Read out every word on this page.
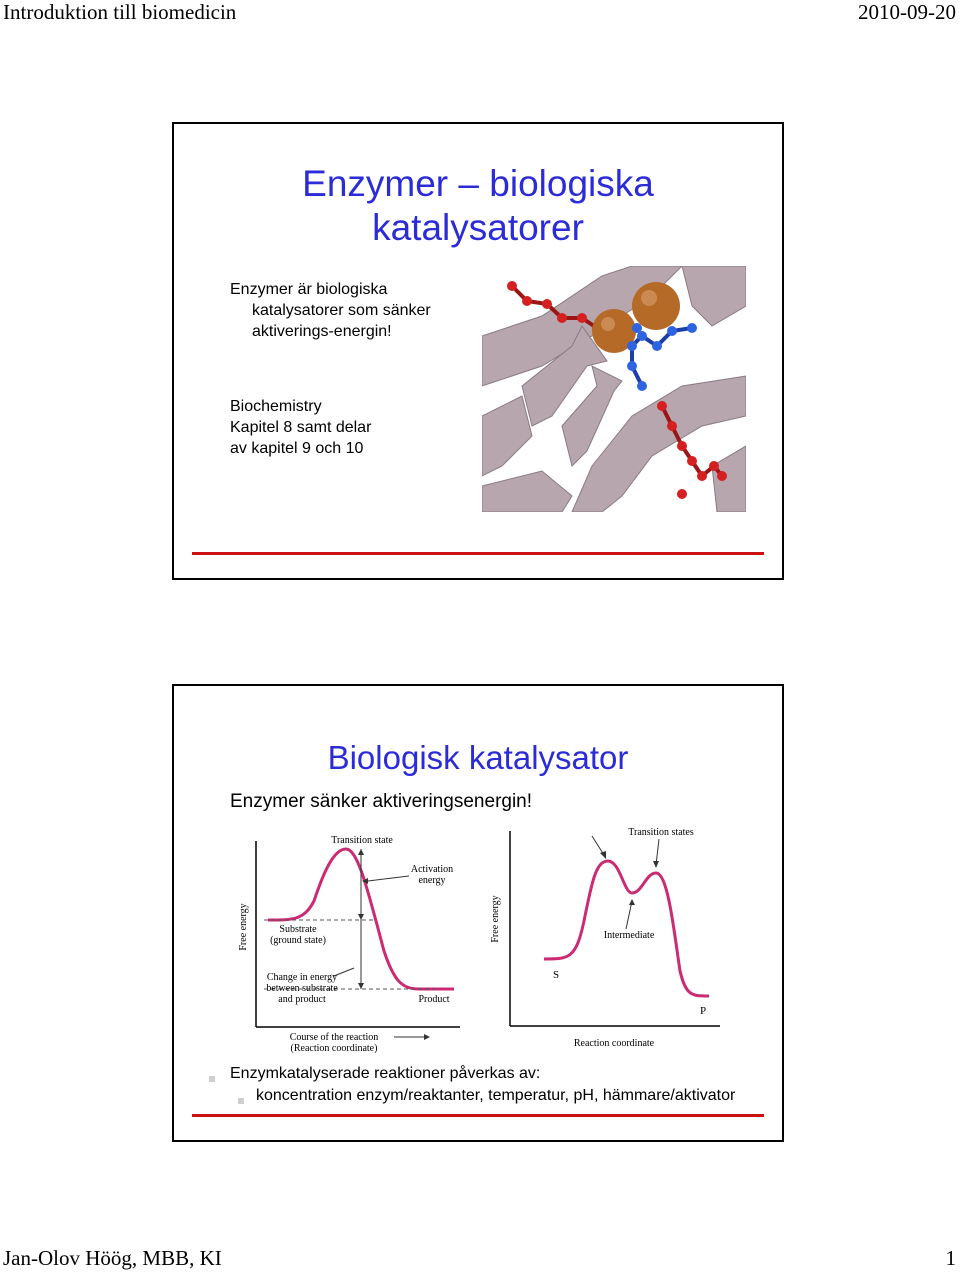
Introduktion till biomedicin	2010-09-20
Enzymer – biologiska
katalysatorer
Enzymer är biologiska
katalysatorer som sänker
aktiverings-energin!
Biochemistry
Kapitel 8 samt delar
av kapitel 9 och 10
Biologisk katalysator
Enzymer sänker aktiveringsenergin!
Transition state
Activation
energy
Free energy	Substrate
(ground state)
Change in energy
between substrate
and product	Product
Course of the reaction
(Reaction coordinate)
Transition states
Free energy	Intermediate
S
P
Reaction coordinate
Enzymkatalyserade reaktioner påverkas av:
koncentration enzym/reaktanter, temperatur, pH, hämmare/aktivator
Jan-Olov Höög, MBB, KI	1
